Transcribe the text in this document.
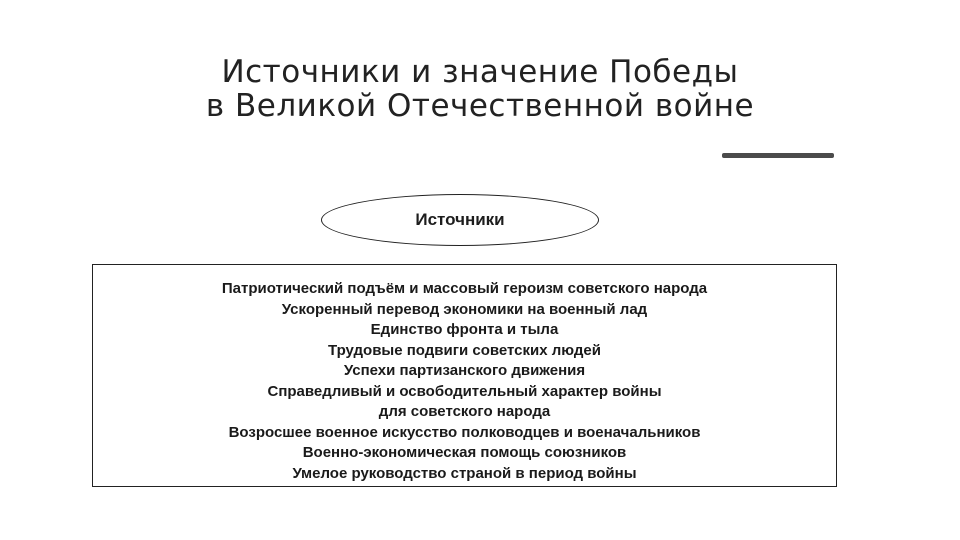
Источники и значение Победы
в Великой Отечественной войне
Источники
Патриотический подъём и массовый героизм советского народа
Ускоренный перевод экономики на военный лад
Единство фронта и тыла
Трудовые подвиги советских людей
Успехи партизанского движения
Справедливый и освободительный характер войны
для советского народа
Возросшее военное искусство полководцев и военачальников
Военно-экономическая помощь союзников
Умелое руководство страной в период войны
